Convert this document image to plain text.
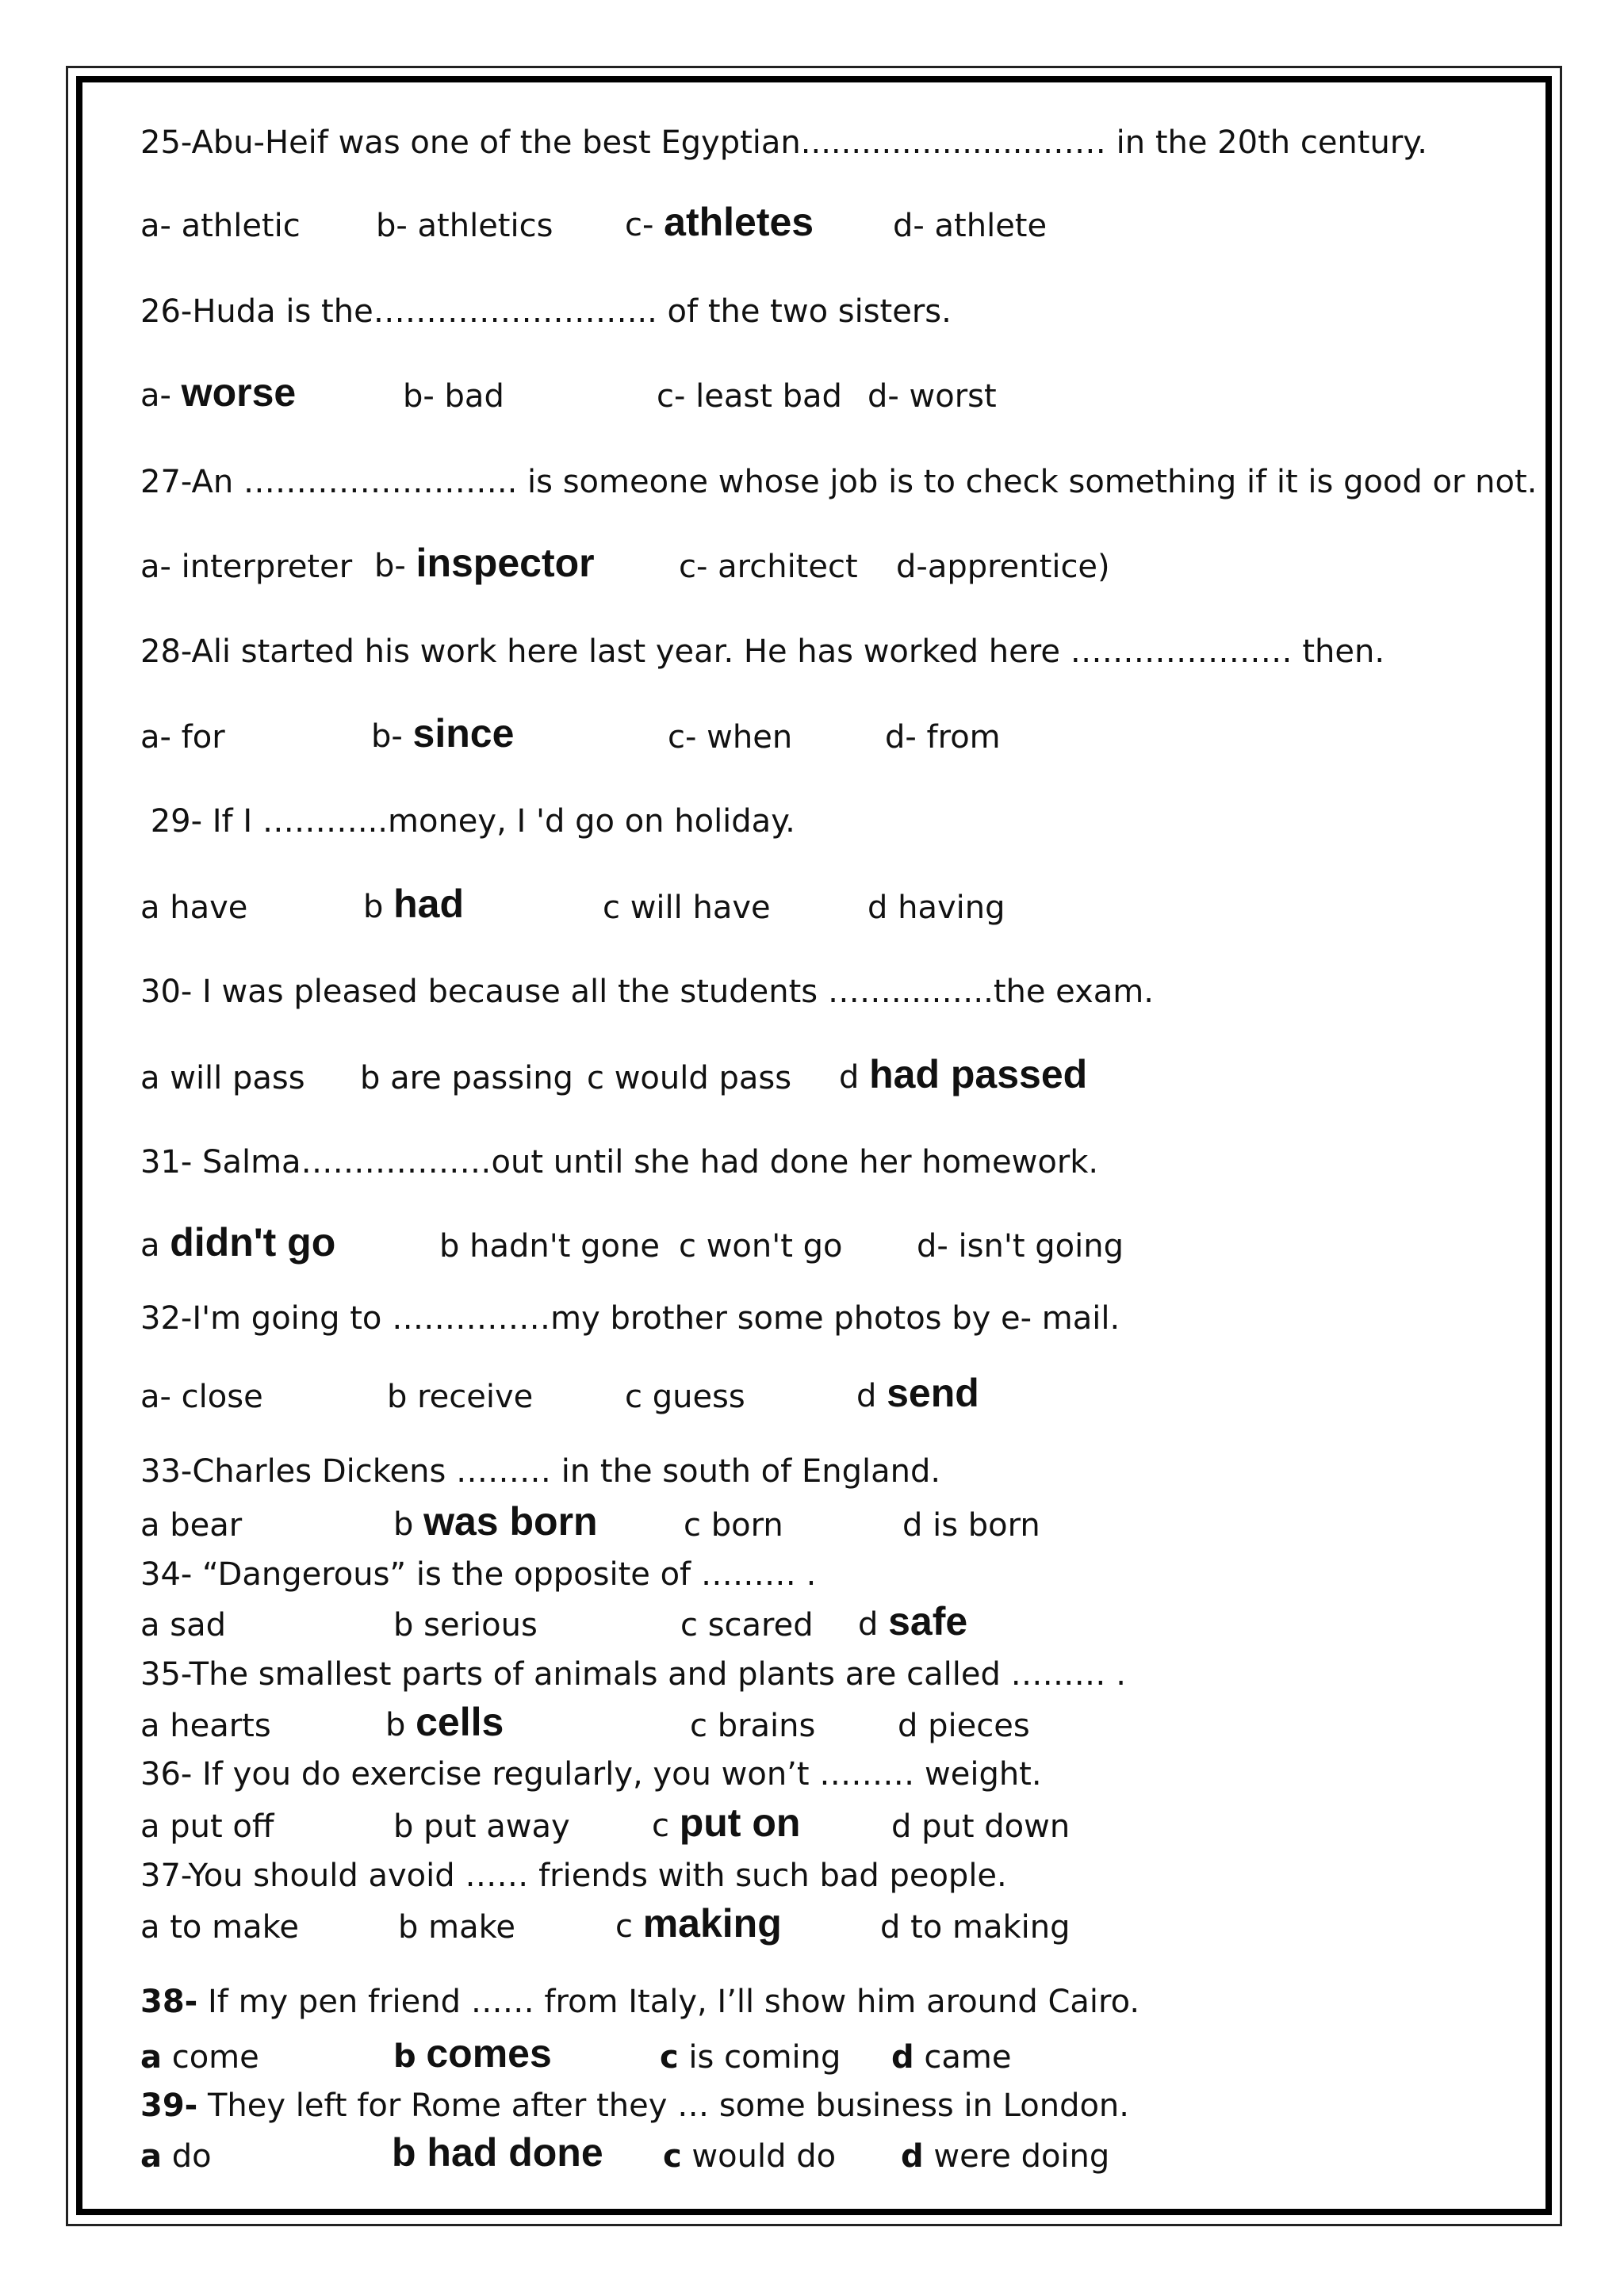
25-Abu-Heif was one of the best Egyptian........................…… in the 20th century.
a- athletic b- athletics c- athletes d- athlete
26-Huda is the……………………... of the two sisters.
a- worse	b- bad	c- least bad d- worst
27-An …………………….. is someone whose job is to check something if it is good or not.
a- interpreter b- inspector	c- architect d-apprentice)
28-Ali started his work here last year. He has worked here ………………… then.
a- for	b- since	c- when	d- from
29- If I ………...money, I 'd go on holiday.
a have	b had	c will have	d having
30- I was pleased because all the students …….....…..the exam.
a will pass b are passing c would pass d had passed
31- Salma………………out until she had done her homework.
a didn't go	b hadn't gone c won't go d- isn't going
32-I'm going to ……………my brother some photos by e- mail.
a- close	b receive	c guess	d send
33-Charles Dickens ……… in the south of England.
a bear	b was born	c born	d is born
34- “Dangerous” is the opposite of ……… .
a sad	b serious	c scared d safe
35-The smallest parts of animals and plants are called ……… .
a hearts	b cells	c brains	d pieces
36- If you do exercise regularly, you won’t ……… weight.
a put off	b put away	c put on	d put down
37-You should avoid …… friends with such bad people.
a to make	b make	c making	d to making
38- If my pen friend …… from Italy, I’ll show him around Cairo.
a come	b comes	c is coming d came
39- They left for Rome after they … some business in London.
a do	b had done c would do d were doing
